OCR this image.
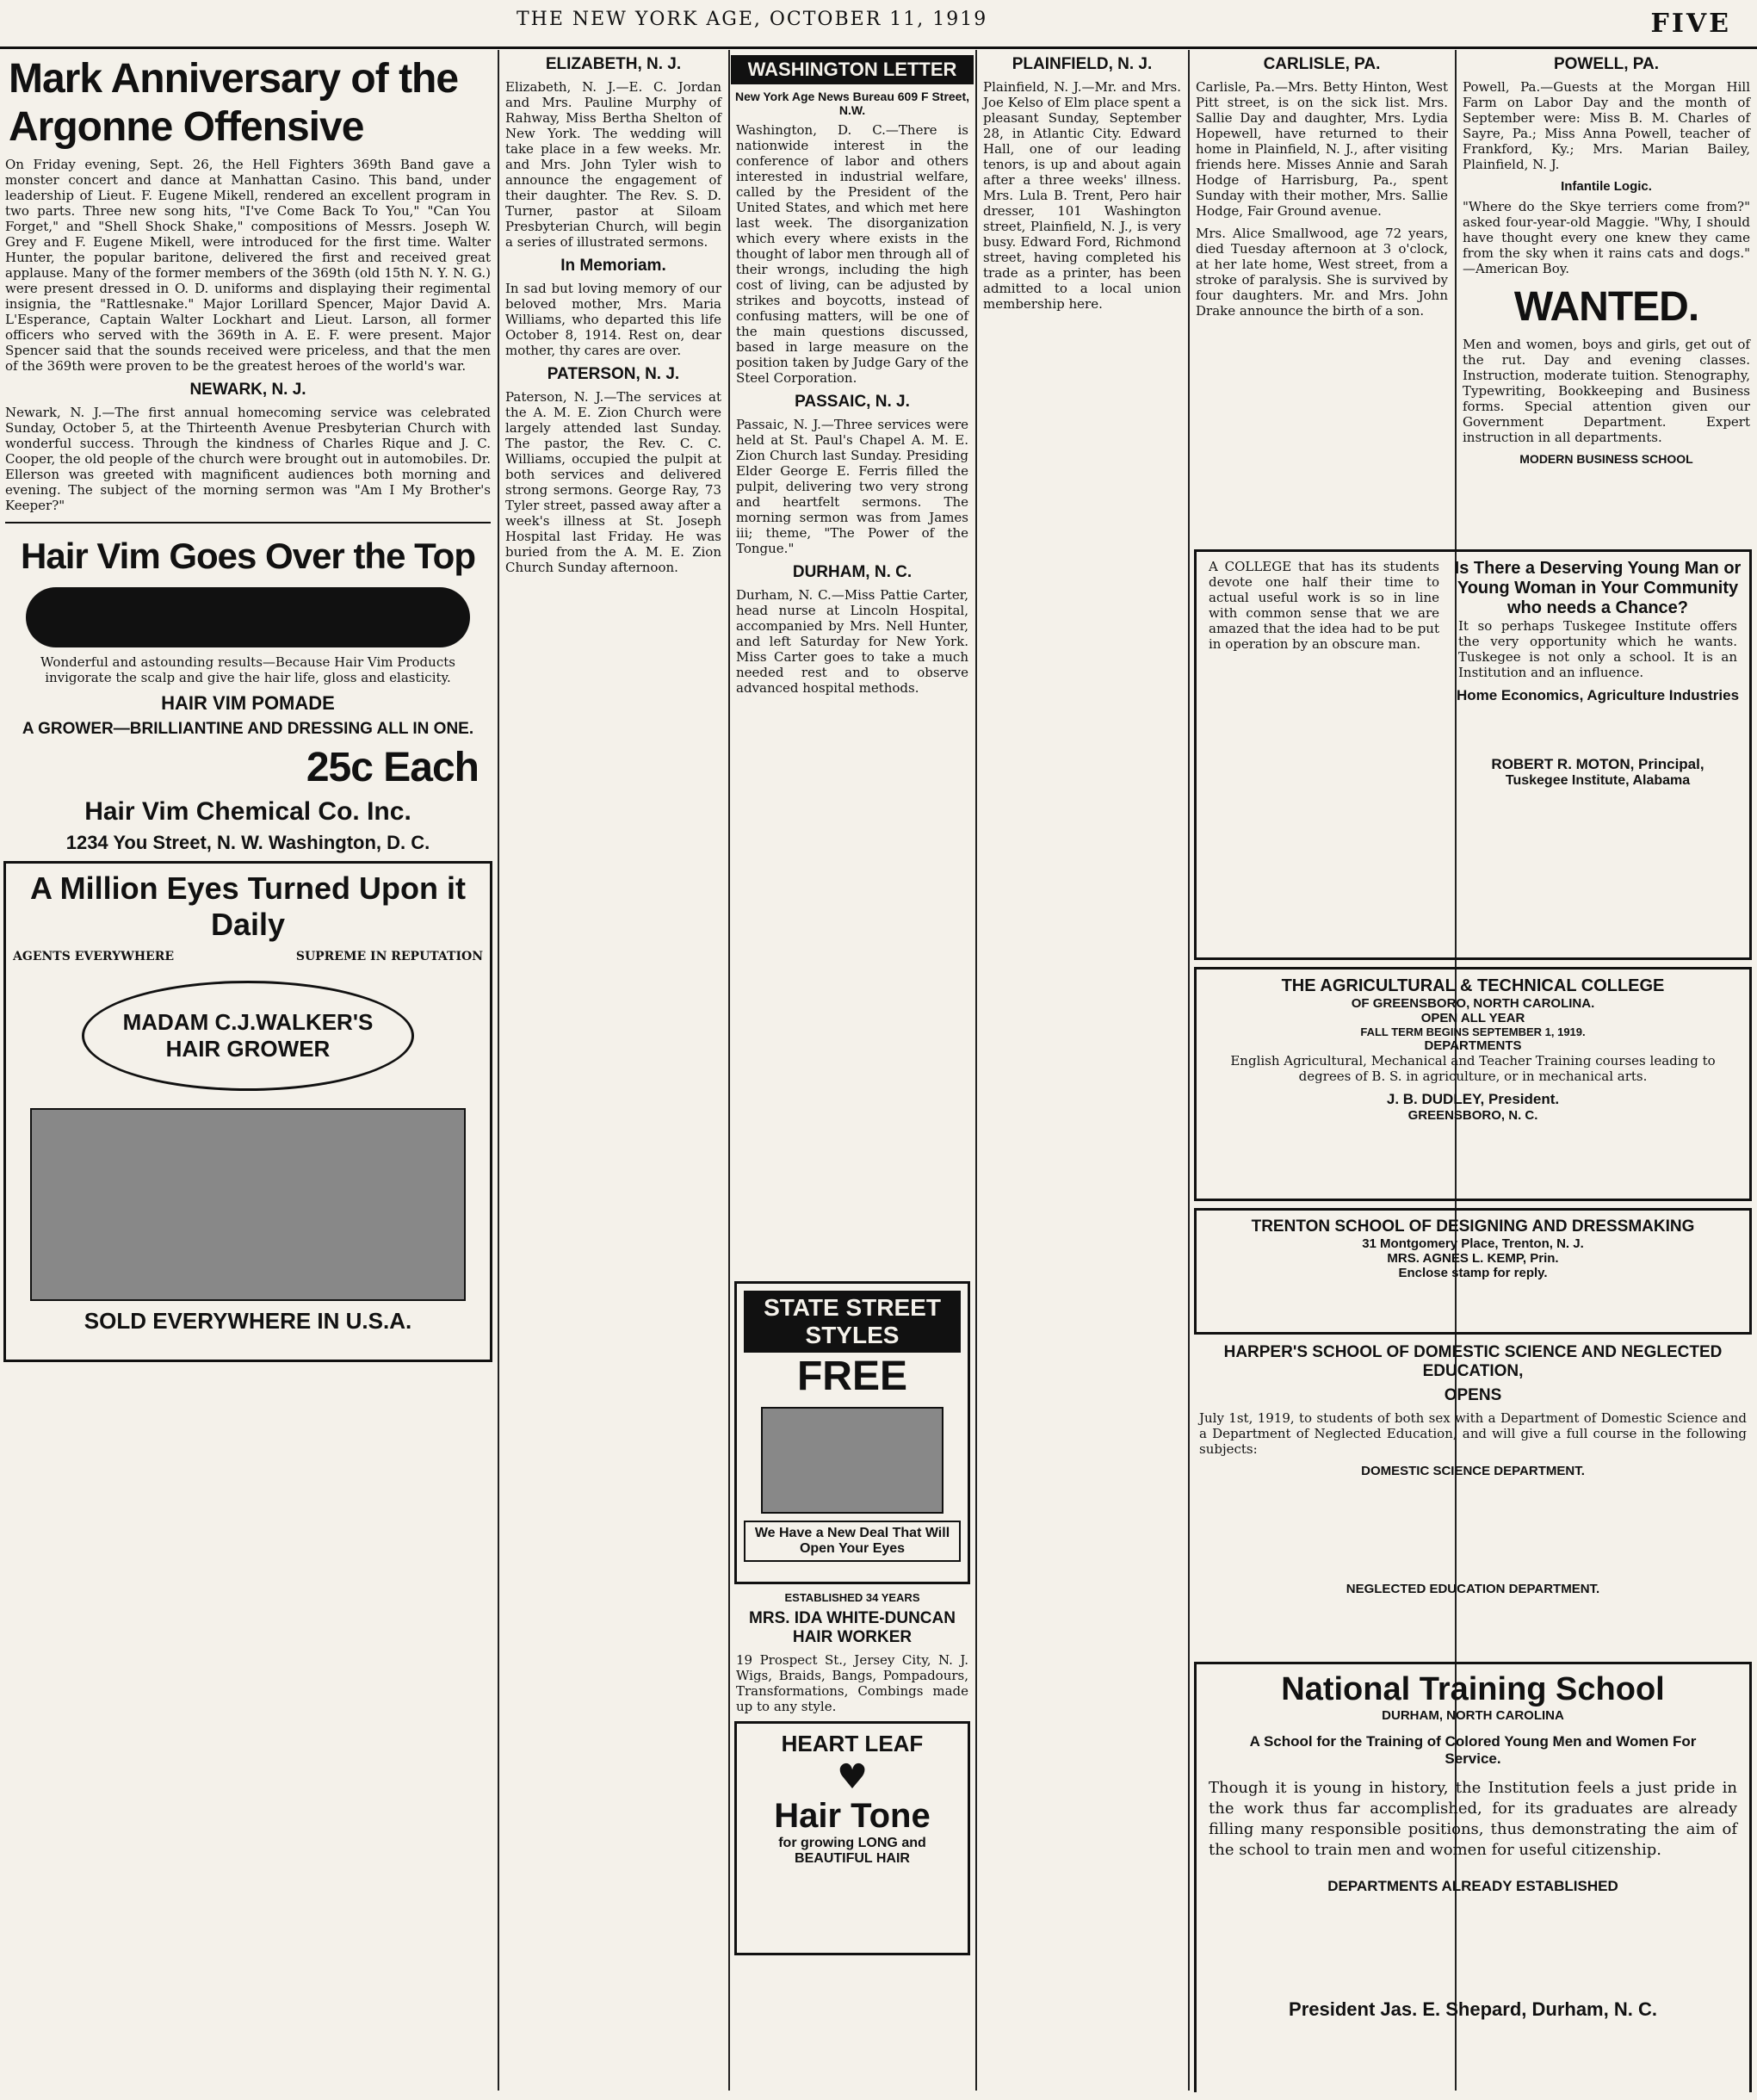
THE NEW YORK AGE, OCTOBER 11, 1919	FIVE
Mark Anniversary of the Argonne Offensive

On Friday evening, Sept. 26, the Hell Fighters 369th Band gave a monster concert and dance at Manhattan Casino. This band, under leadership of Lieut. F. Eugene Mikell, rendered an excellent program in two parts. Three new song hits, "I've Come Back To You," "Can You Forget," and "Shell Shock Shake," compositions of Messrs. Joseph W. Grey and F. Eugene Mikell, were introduced for the first time. Walter Hunter, the popular baritone, delivered the first and received great applause. Many of the former members of the 369th (old 15th N. Y. N. G.) were present dressed in O. D. uniforms and displaying their regimental insignia, the "Rattlesnake." Major Lorillard Spencer, Major David A. L'Esperance, Captain Walter Lockhart and Lieut. Larson, all former officers who served with the 369th in A. E. F. were present. Major Spencer said that the sounds received were priceless, and that the men of the 369th were proven to be the greatest heroes of the world's war.

NEWARK, N. J.

Newark, N. J.—The first annual homecoming service was celebrated Sunday, October 5, at the Thirteenth Avenue Presbyterian Church with wonderful success. Through the kindness of Charles Rique and J. C. Cooper, the old people of the church were brought out in automobiles. Dr. Ellerson was greeted with magnificent audiences both morning and evening. The subject of the morning sermon was "Am I My Brother's Keeper?"

Hair Vim Goes Over the Top

Wonderful and astounding results—Because Hair Vim Products invigorate the scalp and give the hair life, gloss and elasticity.

HAIR VIM POMADE
A GROWER—BRILLIANTINE AND DRESSING ALL IN ONE.
25c Each
Hair Vim Chemical Co. Inc.
1234 You Street, N. W. Washington, D. C.
A Million Eyes Turned Upon it Daily
AGENTS EVERYWHERE	SUPREME IN REPUTATION
MADAM C.J.WALKER'S HAIR GROWER
SOLD EVERYWHERE IN U.S.A.
ELIZABETH, N. J.

Elizabeth, N. J.—E. C. Jordan and Mrs. Pauline Murphy of Rahway, Miss Bertha Shelton of New York. The wedding will take place in a few weeks. Mr. and Mrs. John Tyler wish to announce the engagement of their daughter. The Rev. S. D. Turner, pastor at Siloam Presbyterian Church, will begin a series of illustrated sermons.

In Memoriam.

In sad but loving memory of our beloved mother, Mrs. Maria Williams, who departed this life October 8, 1914. Rest on, dear mother, thy cares are over.

PATERSON, N. J.

Paterson, N. J.—The services at the A. M. E. Zion Church were largely attended last Sunday. The pastor, the Rev. C. C. Williams, occupied the pulpit at both services and delivered strong sermons. George Ray, 73 Tyler street, passed away after a week's illness at St. Joseph Hospital last Friday. He was buried from the A. M. E. Zion Church Sunday afternoon.

WASHINGTON LETTER
New York Age News Bureau 609 F Street, N.W.

Washington, D. C.—There is nationwide interest in the conference of labor and others interested in industrial welfare, called by the President of the United States, and which met here last week. The disorganization which every where exists in the thought of labor men through all of their wrongs, including the high cost of living, can be adjusted by strikes and boycotts, instead of confusing matters, will be one of the main questions discussed, based in large measure on the position taken by Judge Gary of the Steel Corporation.

PASSAIC, N. J.

Passaic, N. J.—Three services were held at St. Paul's Chapel A. M. E. Zion Church last Sunday. Presiding Elder George E. Ferris filled the pulpit, delivering two very strong and heartfelt sermons. The morning sermon was from James iii; theme, "The Power of the Tongue."

DURHAM, N. C.

Durham, N. C.—Miss Pattie Carter, head nurse at Lincoln Hospital, accompanied by Mrs. Nell Hunter, and left Saturday for New York. Miss Carter goes to take a much needed rest and to observe advanced hospital methods.

STATE STREET STYLES
FREE
We Have a New Deal That Will Open Your Eyes
ESTABLISHED 34 YEARS
MRS. IDA WHITE-DUNCAN HAIR WORKER

19 Prospect St., Jersey City, N. J. Wigs, Braids, Bangs, Pompadours, Transformations, Combings made up to any style.

HEART LEAF
♥
Hair Tone
for growing LONG and BEAUTIFUL HAIR
PLAINFIELD, N. J.

Plainfield, N. J.—Mr. and Mrs. Joe Kelso of Elm place spent a pleasant Sunday, September 28, in Atlantic City. Edward Hall, one of our leading tenors, is up and about again after a three weeks' illness. Mrs. Lula B. Trent, Pero hair dresser, 101 Washington street, Plainfield, N. J., is very busy. Edward Ford, Richmond street, having completed his trade as a printer, has been admitted to a local union membership here.

CARLISLE, PA.

Carlisle, Pa.—Mrs. Betty Hinton, West Pitt street, is on the sick list. Mrs. Sallie Day and daughter, Mrs. Lydia Hopewell, have returned to their home in Plainfield, N. J., after visiting friends here. Misses Annie and Sarah Hodge of Harrisburg, Pa., spent Sunday with their mother, Mrs. Sallie Hodge, Fair Ground avenue.

Mrs. Alice Smallwood, age 72 years, died Tuesday afternoon at 3 o'clock, at her late home, West street, from a stroke of paralysis. She is survived by four daughters. Mr. and Mrs. John Drake announce the birth of a son.

POWELL, PA.

Powell, Pa.—Guests at the Morgan Hill Farm on Labor Day and the month of September were: Miss B. M. Charles of Sayre, Pa.; Miss Anna Powell, teacher of Frankford, Ky.; Mrs. Marian Bailey, Plainfield, N. J.

Infantile Logic.

"Where do the Skye terriers come from?" asked four-year-old Maggie. "Why, I should have thought every one knew they came from the sky when it rains cats and dogs." —American Boy.

WANTED.

Men and women, boys and girls, get out of the rut. Day and evening classes. Instruction, moderate tuition. Stenography, Typewriting, Bookkeeping and Business forms. Special attention given our Government Department. Expert instruction in all departments.

MODERN BUSINESS SCHOOL

A COLLEGE that has its students devote one half their time to actual useful work is so in line with common sense that we are amazed that the idea had to be put in operation by an obscure man.

Is There a Deserving Young Man or Young Woman in Your Community who needs a Chance?

It so perhaps Tuskegee Institute offers the very opportunity which he wants. Tuskegee is not only a school. It is an Institution and an influence.

Home Economics, Agriculture Industries
ROBERT R. MOTON, Principal,
Tuskegee Institute, Alabama
THE AGRICULTURAL & TECHNICAL COLLEGE
OF GREENSBORO, NORTH CAROLINA.
OPEN ALL YEAR
FALL TERM BEGINS SEPTEMBER 1, 1919.
DEPARTMENTS

English Agricultural, Mechanical and Teacher Training courses leading to degrees of B. S. in agriculture, or in mechanical arts.

J. B. DUDLEY, President.
GREENSBORO, N. C.
TRENTON SCHOOL OF DESIGNING AND DRESSMAKING
31 Montgomery Place, Trenton, N. J.
MRS. AGNES L. KEMP, Prin.
Enclose stamp for reply.
HARPER'S SCHOOL OF DOMESTIC SCIENCE AND NEGLECTED EDUCATION,
OPENS

July 1st, 1919, to students of both sex with a Department of Domestic Science and a Department of Neglected Education, and will give a full course in the following subjects:

DOMESTIC SCIENCE DEPARTMENT.
NEGLECTED EDUCATION DEPARTMENT.
National Training School
DURHAM, NORTH CAROLINA
A School for the Training of Colored Young Men and Women For Service.

Though it is young in history, the Institution feels a just pride in the work thus far accomplished, for its graduates are already filling many responsible positions, thus demonstrating the aim of the school to train men and women for useful citizenship.

DEPARTMENTS ALREADY ESTABLISHED
President Jas. E. Shepard, Durham, N. C.
